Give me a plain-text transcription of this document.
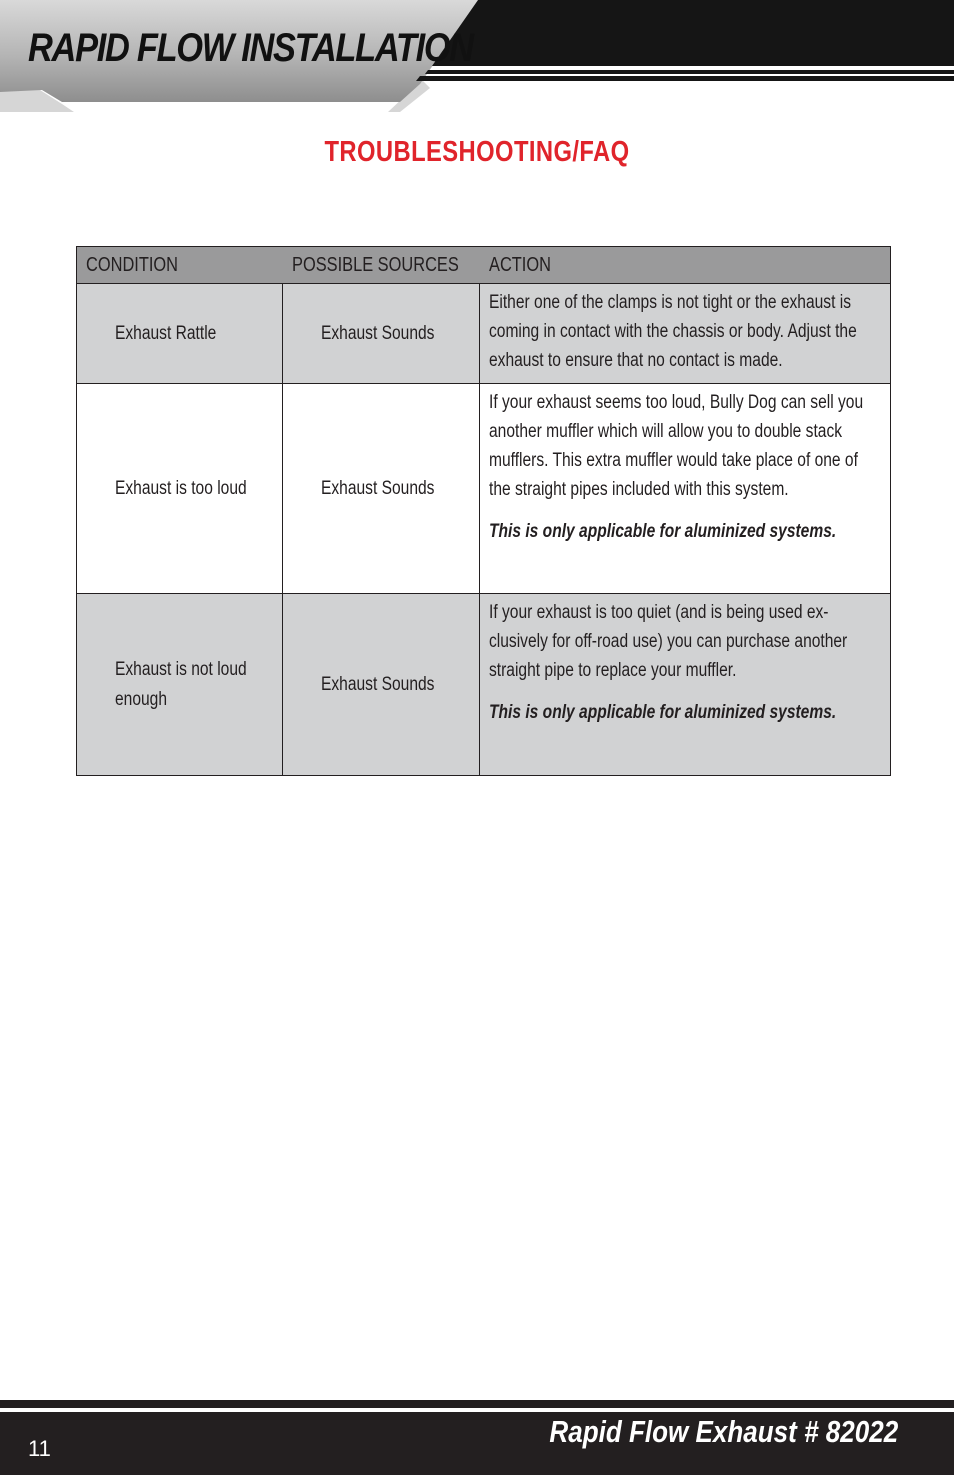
RAPID FLOW INSTALLATION
TROUBLESHOOTING/FAQ
CONDITION	POSSIBLE SOURCES	ACTION

Exhaust Rattle	Exhaust Sounds	Either one of the clamps is not tight or the exhaust is coming in contact with the chassis or body. Adjust the exhaust to ensure that no contact is made.

Exhaust is too loud	Exhaust Sounds	If your exhaust seems too loud, Bully Dog can sell you another muffler which will allow you to double stack mufflers. This extra muffler would take place of one of the straight pipes included with this system.
This is only applicable for aluminized systems.

Exhaust is not loud enough	Exhaust Sounds	If your exhaust is too quiet (and is being used ex-clusively for off-road use) you can purchase another straight pipe to replace your muffler.
This is only applicable for aluminized systems.
11	Rapid Flow Exhaust # 82022
